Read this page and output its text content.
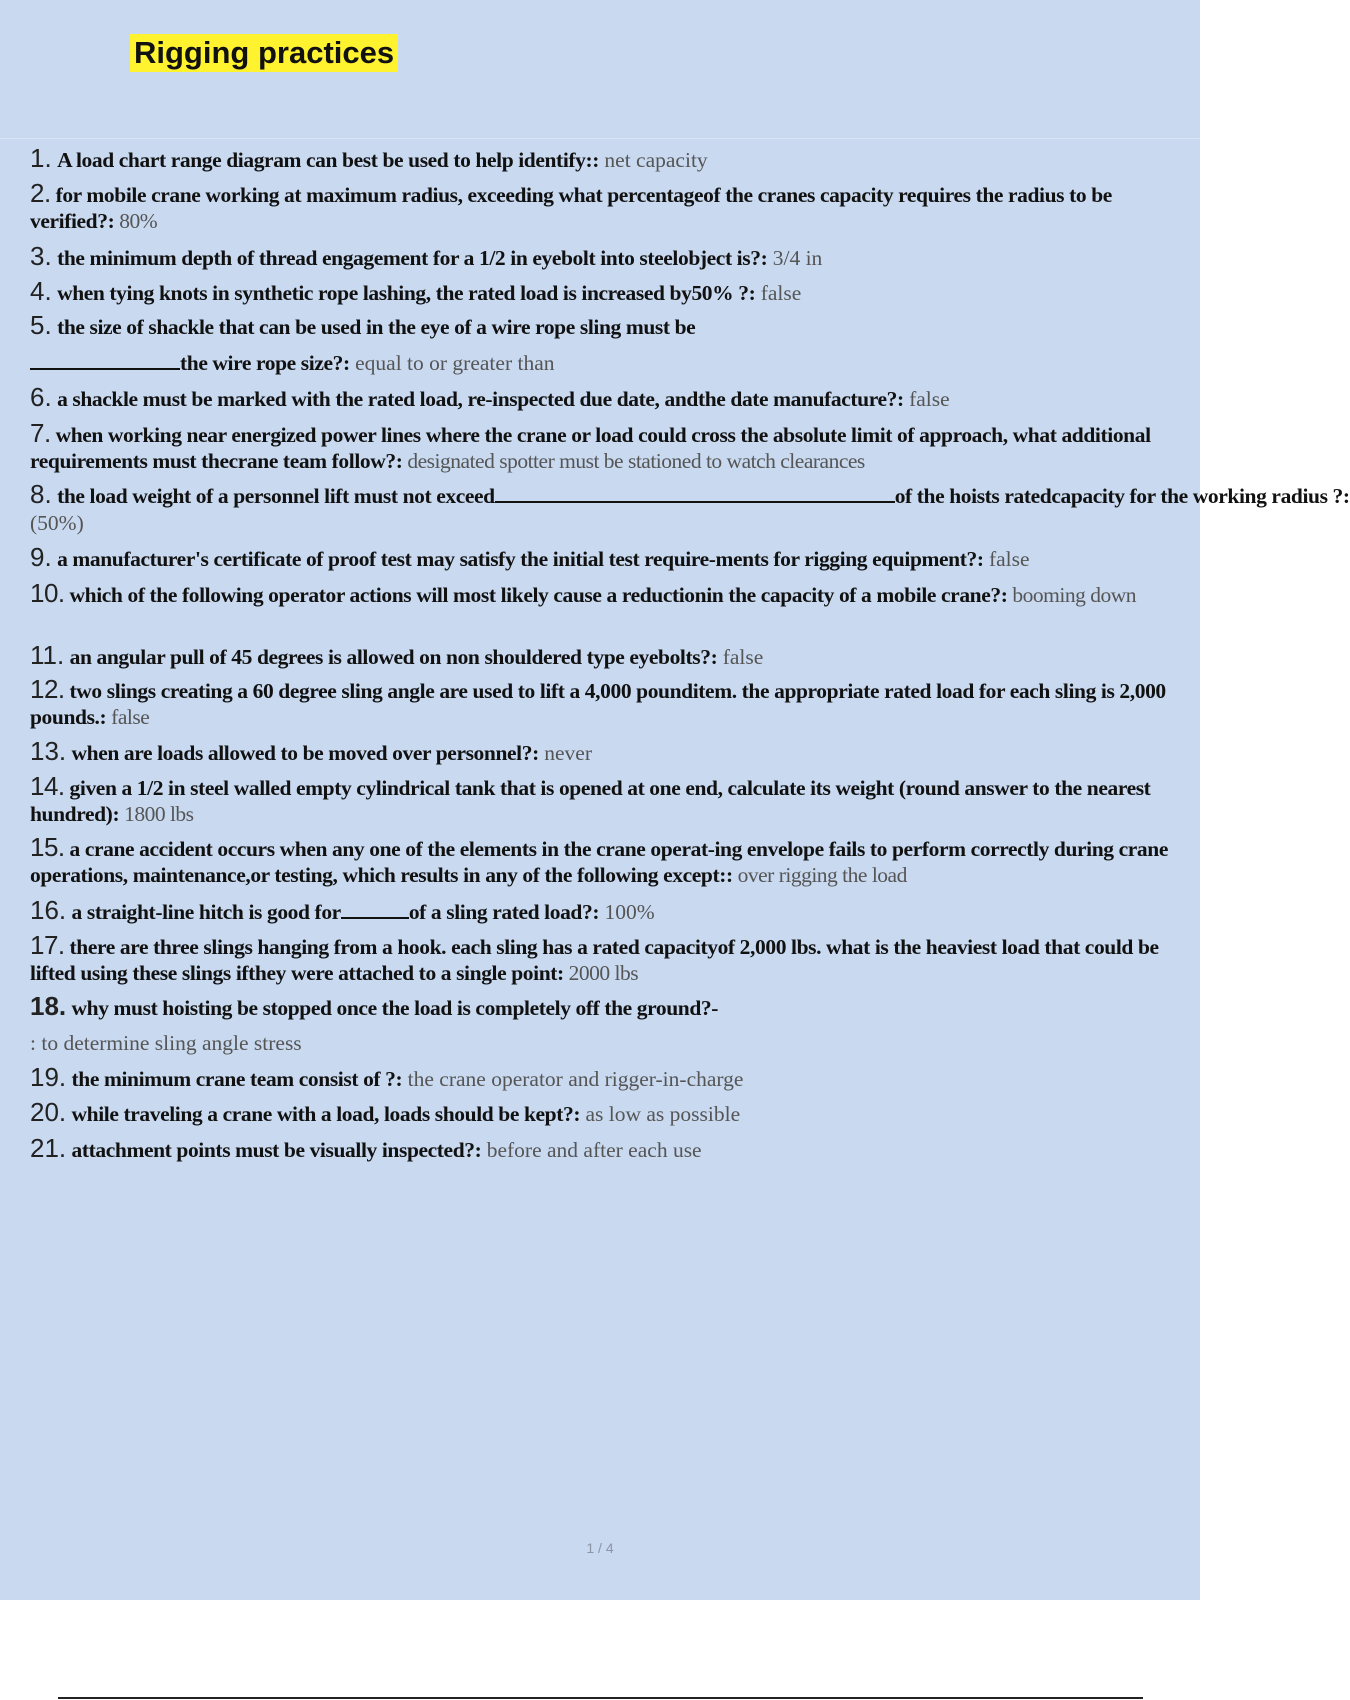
Rigging practices
1. A load chart range diagram can best be used to help identify:: net capacity
2. for mobile crane working at maximum radius, exceeding what percentageof the cranes capacity requires the radius to be verified?: 80%
3. the minimum depth of thread engagement for a 1/2 in eyebolt into steelobject is?: 3/4 in
4. when tying knots in synthetic rope lashing, the rated load is increased by50% ?: false
5. the size of shackle that can be used in the eye of a wire rope sling must be
the wire rope size?: equal to or greater than
6. a shackle must be marked with the rated load, re-inspected due date, andthe date manufacture?: false
7. when working near energized power lines where the crane or load could cross the absolute limit of approach, what additional requirements must thecrane team follow?: designated spotter must be stationed to watch clearances
8. the load weight of a personnel lift must not exceed	of the hoists ratedcapacity for the working radius ?:
(50%)
9. a manufacturer's certificate of proof test may satisfy the initial test require-ments for rigging equipment?: false
10. which of the following operator actions will most likely cause a reductionin the capacity of a mobile crane?: booming down
11. an angular pull of 45 degrees is allowed on non shouldered type eyebolts?: false
12. two slings creating a 60 degree sling angle are used to lift a 4,000 pounditem. the appropriate rated load for each sling is 2,000 pounds.: false
13. when are loads allowed to be moved over personnel?: never
14. given a 1/2 in steel walled empty cylindrical tank that is opened at one end, calculate its weight (round answer to the nearest hundred): 1800 lbs
15. a crane accident occurs when any one of the elements in the crane operat-ing envelope fails to perform correctly during crane operations, maintenance,or testing, which results in any of the following except:: over rigging the load
16. a straight-line hitch is good for	of a sling rated load?: 100%
17. there are three slings hanging from a hook. each sling has a rated capacityof 2,000 lbs. what is the heaviest load that could be lifted using these slings ifthey were attached to a single point: 2000 lbs
18. why must hoisting be stopped once the load is completely off the ground?-
: to determine sling angle stress
19. the minimum crane team consist of ?: the crane operator and rigger-in-charge
20. while traveling a crane with a load, loads should be kept?: as low as possible
21. attachment points must be visually inspected?: before and after each use
1 / 4
